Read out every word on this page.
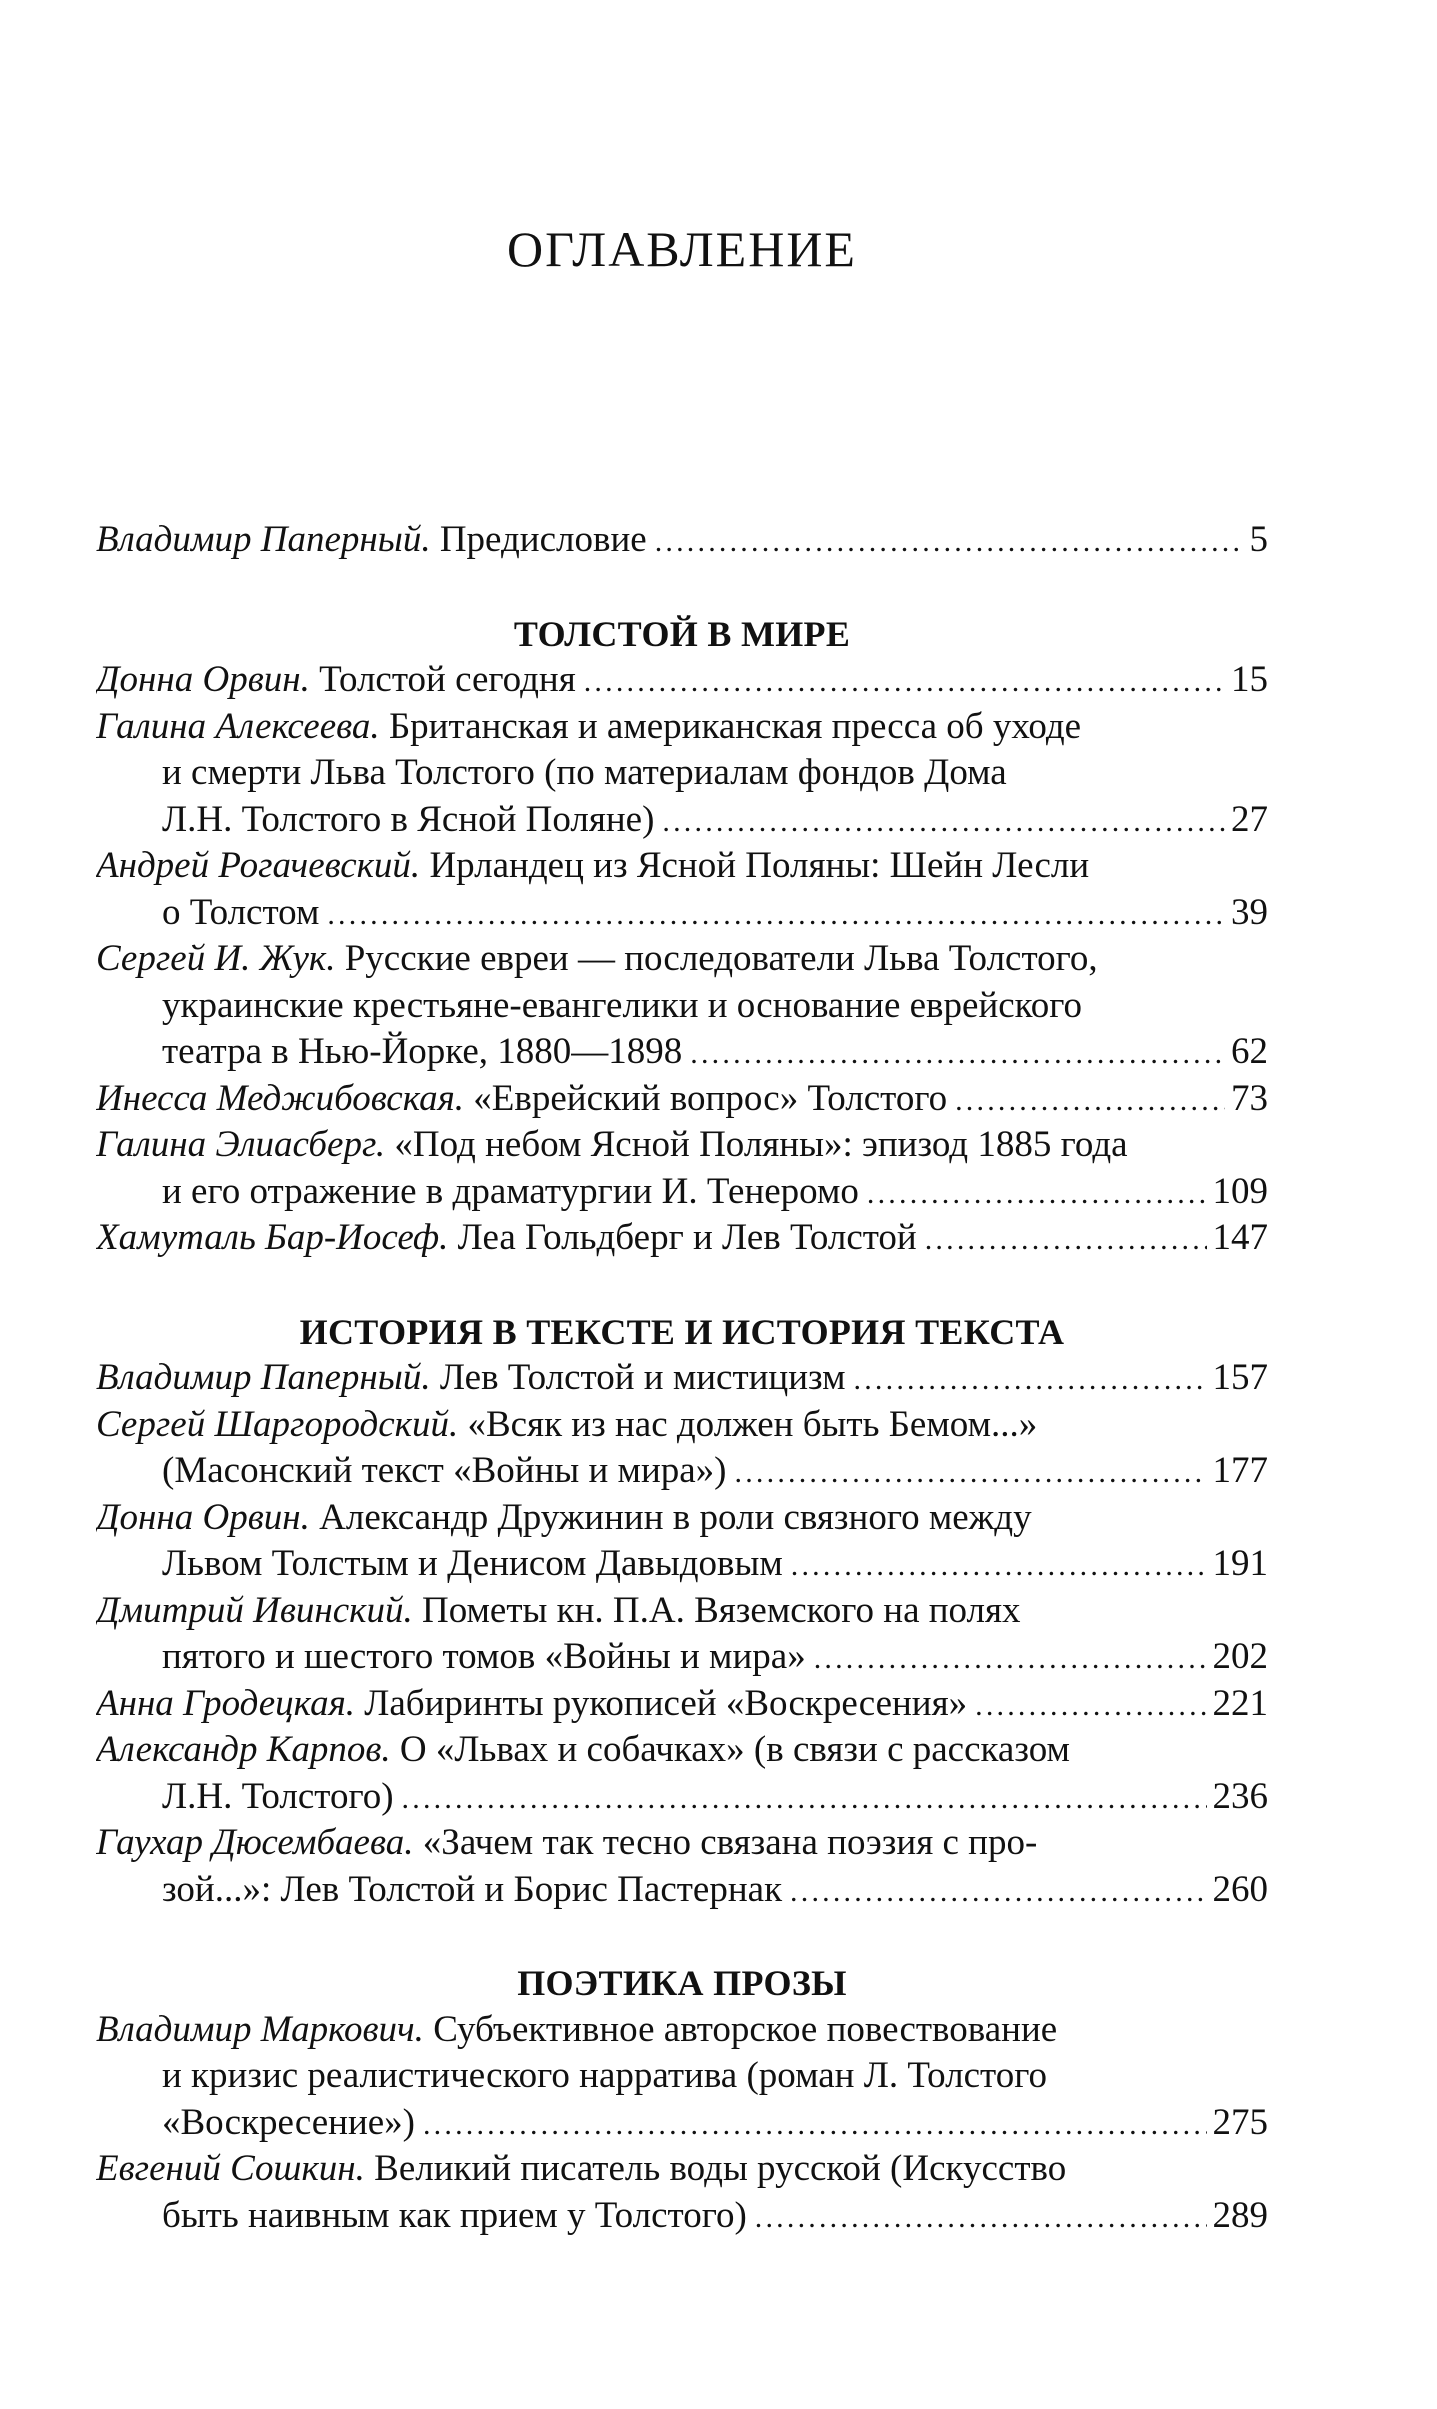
ОГЛАВЛЕНИЕ
Владимир Паперный. Предисловие .....	5
ТОЛСТОЙ В МИРЕ
Донна Орвин. Толстой сегодня .....	15
Галина Алексеева. Британская и американская пресса об уходе
и смерти Льва Толстого (по материалам фондов Дома
Л.Н. Толстого в Ясной Поляне) .....	27
Андрей Рогачевский. Ирландец из Ясной Поляны: Шейн Лесли
о Толстом .....	39
Сергей И. Жук. Русские евреи — последователи Льва Толстого,
украинские крестьяне-евангелики и основание еврейского
театра в Нью-Йорке, 1880—1898 .....	62
Инесса Меджибовская. «Еврейский вопрос» Толстого .....	73
Галина Элиасберг. «Под небом Ясной Поляны»: эпизод 1885 года
и его отражение в драматургии И. Тенеромо .....	109
Хамуталь Бар-Иосеф. Леа Гольдберг и Лев Толстой .....	147
ИСТОРИЯ В ТЕКСТЕ И ИСТОРИЯ ТЕКСТА
Владимир Паперный. Лев Толстой и мистицизм .....	157
Сергей Шаргородский. «Всяк из нас должен быть Бемом...»
(Масонский текст «Войны и мира») .....	177
Донна Орвин. Александр Дружинин в роли связного между
Львом Толстым и Денисом Давыдовым .....	191
Дмитрий Ивинский. Пометы кн. П.А. Вяземского на полях
пятого и шестого томов «Войны и мира» .....	202
Анна Гродецкая. Лабиринты рукописей «Воскресения» .....	221
Александр Карпов. О «Львах и собачках» (в связи с рассказом
Л.Н. Толстого) .....	236
Гаухар Дюсембаева. «Зачем так тесно связана поэзия с про-
зой...»: Лев Толстой и Борис Пастернак .....	260
ПОЭТИКА ПРОЗЫ
Владимир Маркович. Субъективное авторское повествование
и кризис реалистического нарратива (роман Л. Толстого
«Воскресение») .....	275
Евгений Сошкин. Великий писатель воды русской (Искусство
быть наивным как прием у Толстого) .....	289
